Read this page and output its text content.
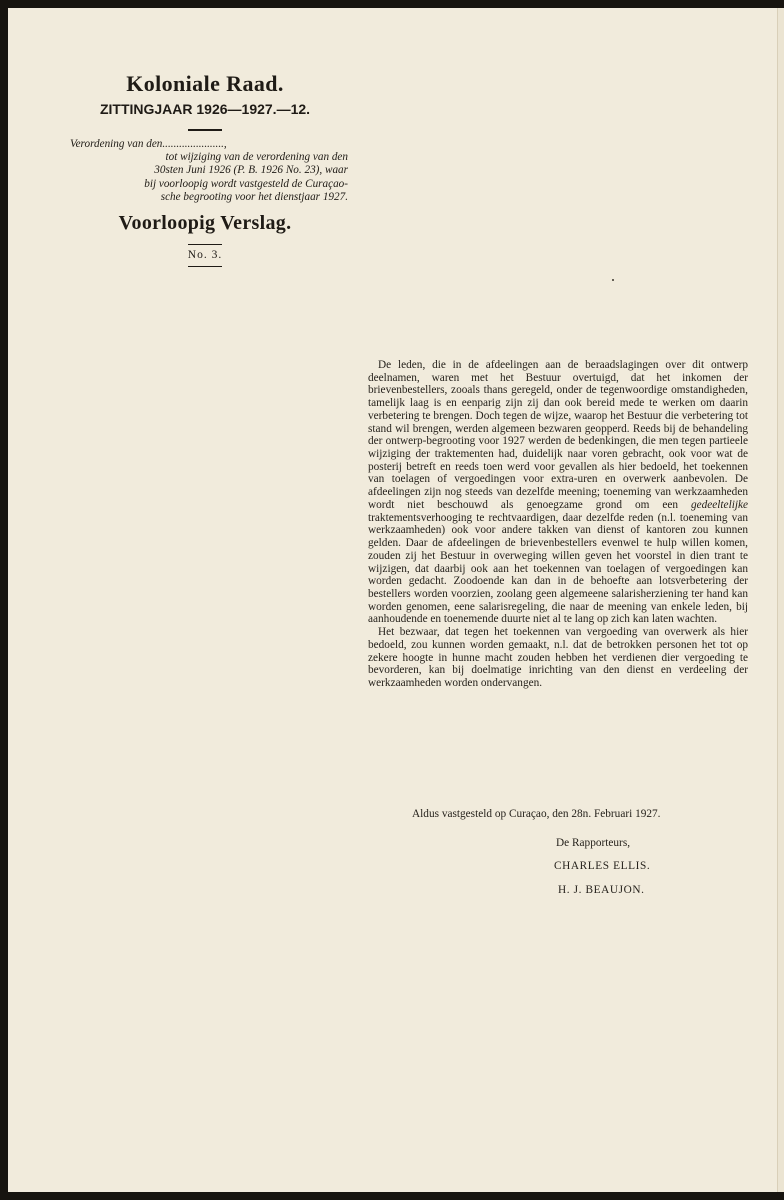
Koloniale Raad.
ZITTINGJAAR 1926—1927.—12.
Verordening van den......................,
tot wijziging van de verordening van den
30sten Juni 1926 (P. B. 1926 No. 23), waar
bij voorloopig wordt vastgesteld de Curaçao-
sche begrooting voor het dienstjaar 1927.
Voorloopig Verslag.
No. 3.

De leden, die in de afdeelingen aan de beraadslagingen over dit ontwerp deelnamen, waren met het Bestuur overtuigd, dat het inkomen der brievenbestellers, zooals thans geregeld, onder de tegenwoordige omstandigheden, tamelijk laag is en eenparig zijn zij dan ook bereid mede te werken om daarin verbetering te brengen. Doch tegen de wijze, waarop het Bestuur die verbetering tot stand wil brengen, werden algemeen bezwaren geopperd. Reeds bij de behandeling der ontwerp-begrooting voor 1927 werden de bedenkingen, die men tegen partieele wijziging der traktementen had, duidelijk naar voren gebracht, ook voor wat de posterij betreft en reeds toen werd voor gevallen als hier bedoeld, het toekennen van toelagen of vergoedingen voor extra-uren en overwerk aanbevolen. De afdeelingen zijn nog steeds van dezelfde meening; toeneming van werkzaamheden wordt niet beschouwd als genoegzame grond om een gedeeltelijke traktementsverhooging te rechtvaardigen, daar dezelfde reden (n.l. toeneming van werkzaamheden) ook voor andere takken van dienst of kantoren zou kunnen gelden. Daar de afdeelingen de brievenbestellers evenwel te hulp willen komen, zouden zij het Bestuur in overweging willen geven het voorstel in dien trant te wijzigen, dat daarbij ook aan het toekennen van toelagen of vergoedingen kan worden gedacht. Zoodoende kan dan in de behoefte aan lotsverbetering der bestellers worden voorzien, zoolang geen algemeene salarisherziening ter hand kan worden genomen, eene salarisregeling, die naar de meening van enkele leden, bij aanhoudende en toenemende duurte niet al te lang op zich kan laten wachten.

Het bezwaar, dat tegen het toekennen van vergoeding van overwerk als hier bedoeld, zou kunnen worden gemaakt, n.l. dat de betrokken personen het tot op zekere hoogte in hunne macht zouden hebben het verdienen dier vergoeding te bevorderen, kan bij doelmatige inrichting van den dienst en verdeeling der werkzaamheden worden ondervangen.

Aldus vastgesteld op Curaçao, den 28n. Februari 1927.
De Rapporteurs,
CHARLES ELLIS.
H. J. BEAUJON.
